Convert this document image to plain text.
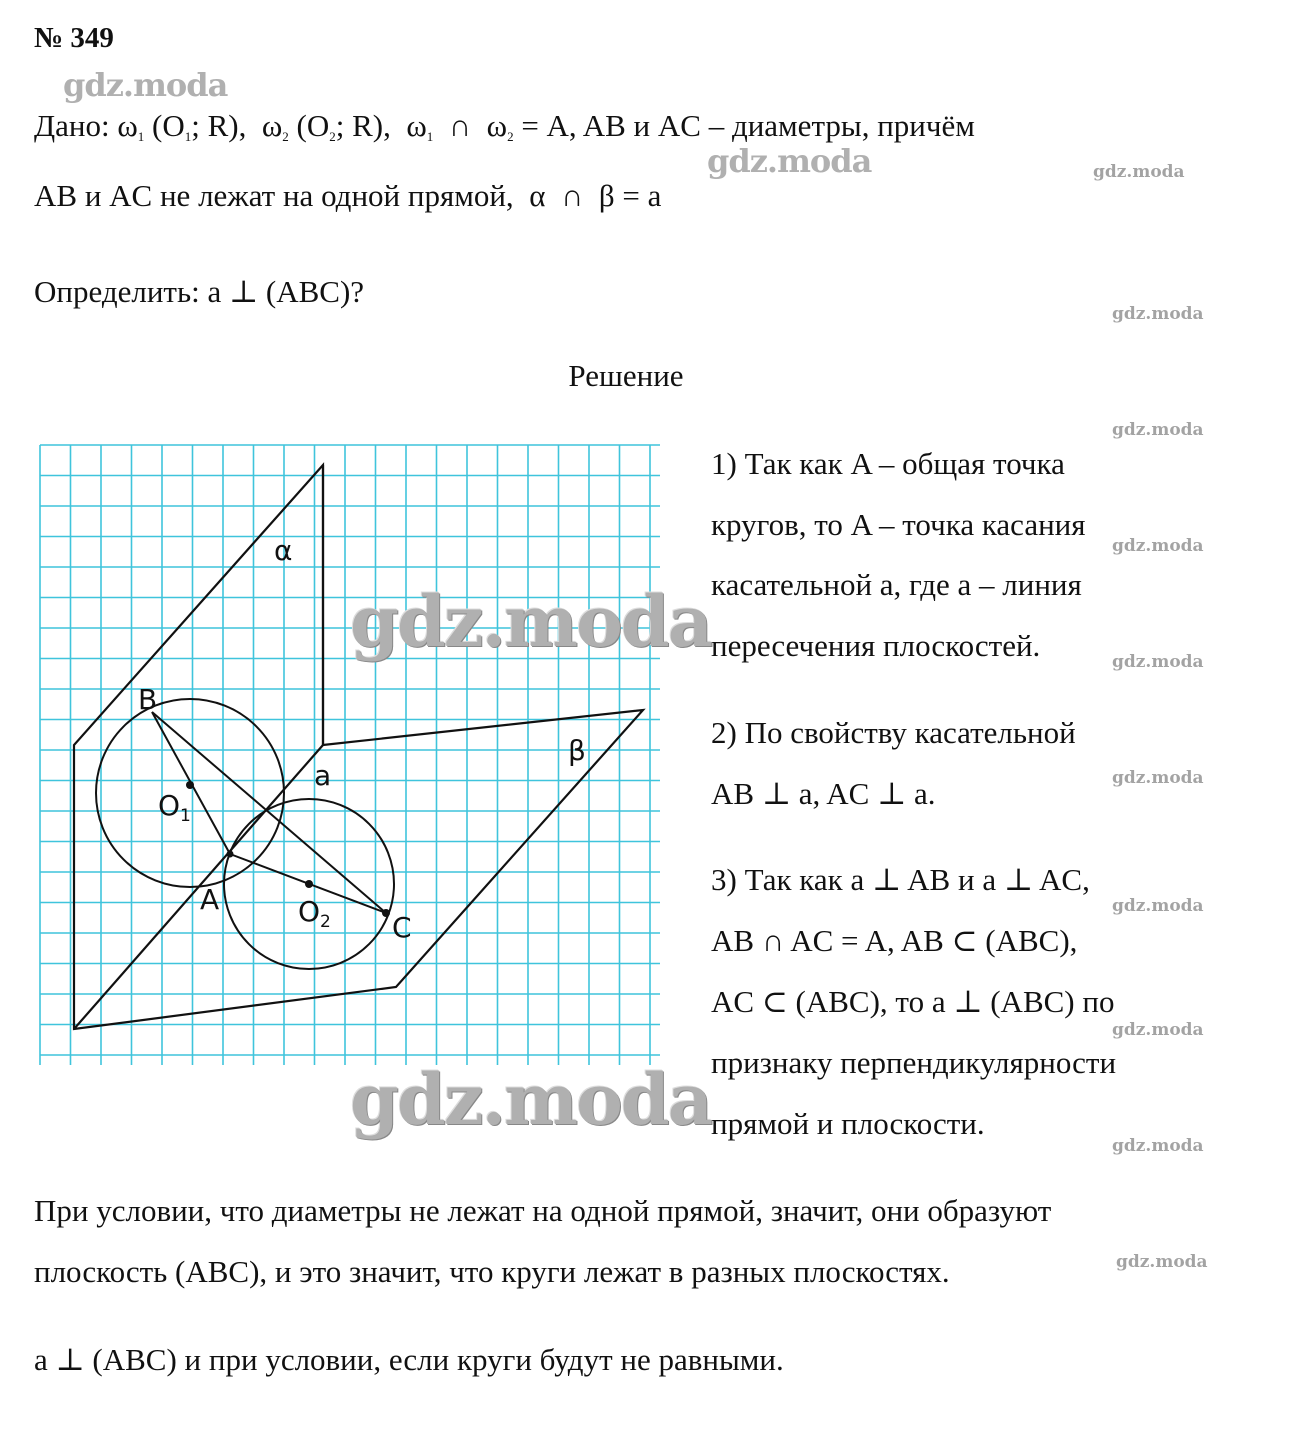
№ 349
Дано: $\omega_1$ ($O_1$; R), $\omega_2$ ($O_2$; R), $\omega_1$ ∩ $\omega_2 = A$, AB и AC – диаметры, причём
AB и AC не лежат на одной прямой, α ∩ β = a
Определить: a ⊥ (ABC)?
Решение
α
β
a
B
$O_1$
A	$O_2$ C
1) Так как A – общая точка
кругов, то A – точка касания
касательной a, где a – линия
пересечения плоскостей.
2) По свойству касательной
AB ⊥ a, AC ⊥ a.
3) Так как a ⊥ AB и a ⊥ AC,
AB ∩ AC = A, AB ⊂ (ABC),
AC ⊂ (ABC), то a ⊥ (ABC) по
признаку перпендикулярности
прямой и плоскости.
При условии, что диаметры не лежат на одной прямой, значит, они образуют
плоскость (ABC), и это значит, что круги лежат в разных плоскостях.
a ⊥ (ABC) и при условии, если круги будут не равными.
gdz.moda
gdz.moda	gdz.moda
gdz.moda
gdz.moda
gdz.moda
gdz.moda
gdz.moda
gdz.moda
gdz.moda
gdz.moda
gdz.moda
gdz.moda
gdz.moda
